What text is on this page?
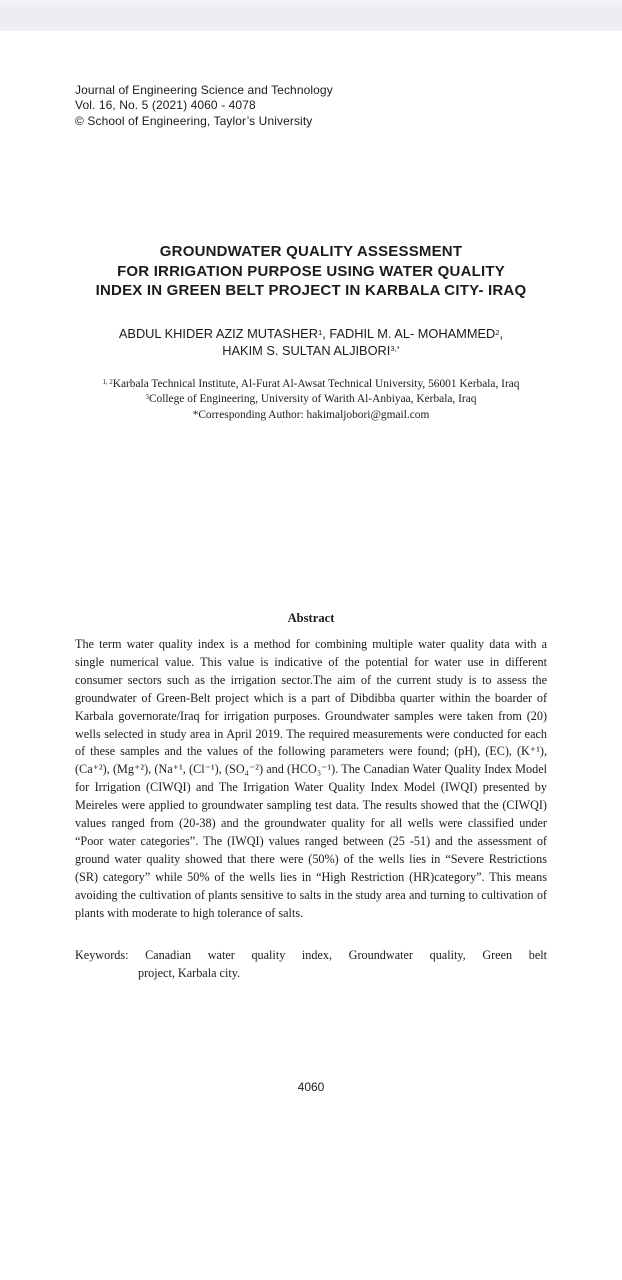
Journal of Engineering Science and Technology
Vol. 16, No. 5 (2021) 4060 - 4078
© School of Engineering, Taylor’s University
GROUNDWATER QUALITY ASSESSMENT
FOR IRRIGATION PURPOSE USING WATER QUALITY
INDEX IN GREEN BELT PROJECT IN KARBALA CITY- IRAQ
ABDUL KHIDER AZIZ MUTASHER$^1$, FADHIL M. AL- MOHAMMED$^2$,
HAKIM S. SULTAN $ALJIBORI^{3,*}$
$^{1, 2}$Karbala Technical Institute, Al-Furat Al-Awsat Technical University, 56001 Kerbala, Iraq
$^3$College of Engineering, University of Warith Al-Anbiyaa, Kerbala, Iraq
*Corresponding Author: hakimaljobori@gmail.com
Abstract
The term water quality index is a method for combining multiple water quality data with a single numerical value. This value is indicative of the potential for water use in different consumer sectors such as the irrigation sector.The aim of the current study is to assess the groundwater of Green-Belt project which is a part of Dibdibba quarter within the boarder of Karbala governorate/Iraq for irrigation purposes. Groundwater samples were taken from (20) wells selected in study area in April 2019. The required measurements were conducted for each of these samples and the values of the following parameters were found; (pH), (EC), (K⁺¹), (Ca⁺²), (Mg⁺²), (Na⁺¹, (Cl⁻¹), (SO₄⁻²) and (HCO₃⁻¹). The Canadian Water Quality Index Model for Irrigation (CIWQI) and The Irrigation Water Quality Index Model (IWQI) presented by Meireles were applied to groundwater sampling test data. The results showed that the (CIWQI) values ranged from (20-38) and the groundwater quality for all wells were classified under “Poor water categories”. The (IWQI) values ranged between (25 -51) and the assessment of ground water quality showed that there were (50%) of the wells lies in “Severe Restrictions (SR) category” while 50% of the wells lies in “High Restriction (HR)category”. This means avoiding the cultivation of plants sensitive to salts in the study area and turning to cultivation of plants with moderate to high tolerance of salts.
Keywords: Canadian water quality index, Groundwater quality, Green belt
project, Karbala city.
4060
